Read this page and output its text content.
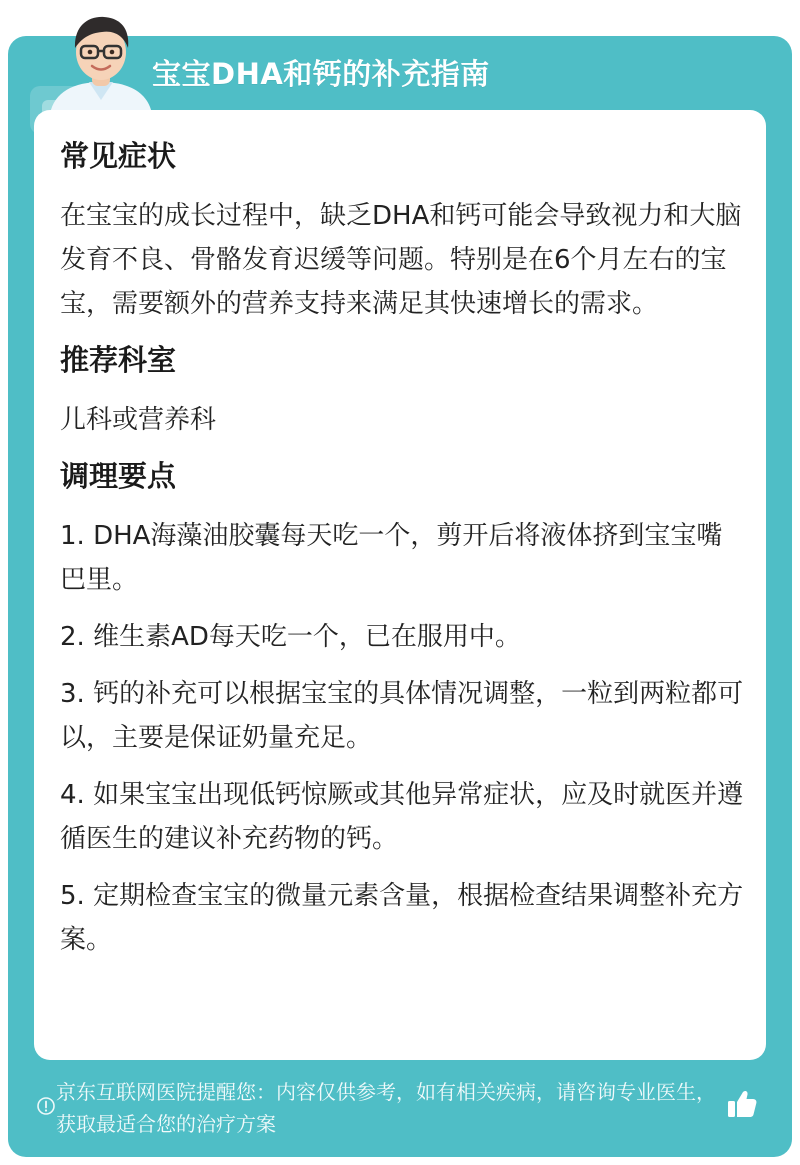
宝宝DHA和钙的补充指南
常见症状
在宝宝的成长过程中，缺乏DHA和钙可能会导致视力和大脑发育不良、骨骼发育迟缓等问题。特别是在6个月左右的宝宝，需要额外的营养支持来满足其快速增长的需求。
推荐科室
儿科或营养科
调理要点
1. DHA海藻油胶囊每天吃一个，剪开后将液体挤到宝宝嘴巴里。
2. 维生素AD每天吃一个，已在服用中。
3. 钙的补充可以根据宝宝的具体情况调整，一粒到两粒都可以，主要是保证奶量充足。
4. 如果宝宝出现低钙惊厥或其他异常症状，应及时就医并遵循医生的建议补充药物的钙。
5. 定期检查宝宝的微量元素含量，根据检查结果调整补充方案。
京东互联网医院提醒您：内容仅供参考，如有相关疾病，请咨询专业医生，获取最适合您的治疗方案
